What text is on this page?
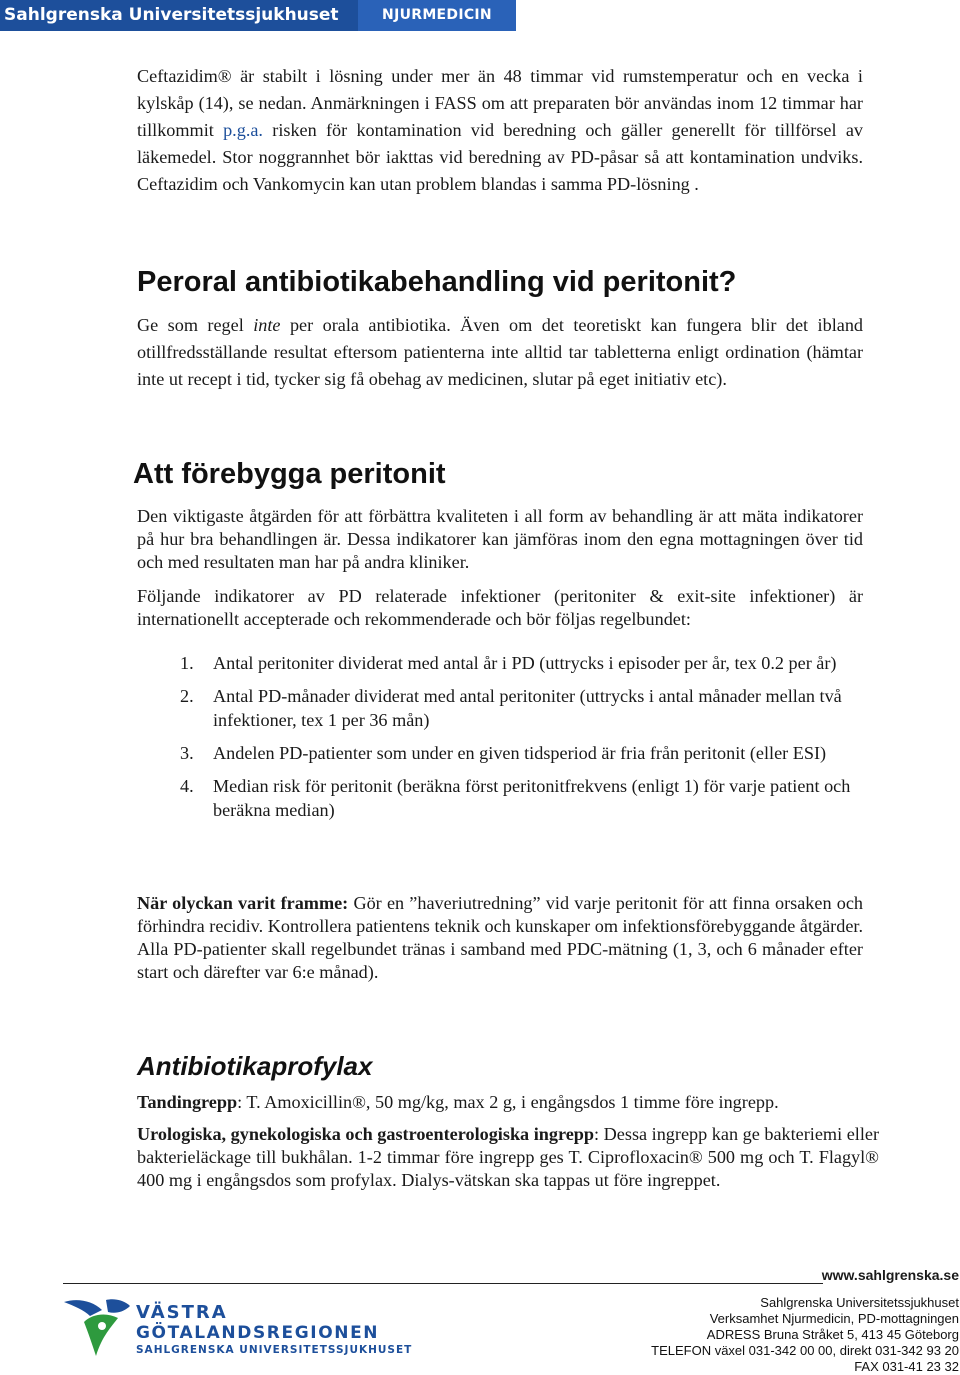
Sahlgrenska Universitetssjukhuset	NJURMEDICIN

Ceftazidim® är stabilt i lösning under mer än 48 timmar vid rumstemperatur och en vecka i kylskåp (14), se nedan. Anmärkningen i FASS om att preparaten bör användas inom 12 timmar har tillkommit p.g.a. risken för kontamination vid beredning och gäller generellt för tillförsel av läkemedel. Stor noggrannhet bör iakttas vid beredning av PD-påsar så att kontamination undviks. Ceftazidim och Vankomycin kan utan problem blandas i samma PD-lösning .

Peroral antibiotikabehandling vid peritonit?

Ge som regel inte per orala antibiotika. Även om det teoretiskt kan fungera blir det ibland otillfredsställande resultat eftersom patienterna inte alltid tar tabletterna enligt ordination (hämtar inte ut recept i tid, tycker sig få obehag av medicinen, slutar på eget initiativ etc).

Att förebygga peritonit

Den viktigaste åtgärden för att förbättra kvaliteten i all form av behandling är att mäta indikatorer på hur bra behandlingen är. Dessa indikatorer kan jämföras inom den egna mottagningen över tid och med resultaten man har på andra kliniker.

Följande indikatorer av PD relaterade infektioner (peritoniter & exit-site infektioner) är internationellt accepterade och rekommenderade och bör följas regelbundet:

1. Antal peritoniter dividerat med antal år i PD (uttrycks i episoder per år, tex 0.2 per år)
2. Antal PD-månader dividerat med antal peritoniter (uttrycks i antal månader mellan två infektioner, tex 1 per 36 mån)
3. Andelen PD-patienter som under en given tidsperiod är fria från peritonit (eller ESI)
4. Median risk för peritonit (beräkna först peritonitfrekvens (enligt 1) för varje patient och beräkna median)

När olyckan varit framme: Gör en ”haveriutredning” vid varje peritonit för att finna orsaken och förhindra recidiv. Kontrollera patientens teknik och kunskaper om infektionsförebyggande åtgärder. Alla PD-patienter skall regelbundet tränas i samband med PDC-mätning (1, 3, och 6 månader efter start och därefter var 6:e månad).

Antibiotikaprofylax

Tandingrepp: T. Amoxicillin®, 50 mg/kg, max 2 g, i engångsdos 1 timme före ingrepp.

Urologiska, gynekologiska och gastroenterologiska ingrepp: Dessa ingrepp kan ge bakteriemi eller bakterieläckage till bukhålan. 1-2 timmar före ingrepp ges T. Ciprofloxacin® 500 mg och T. Flagyl® 400 mg i engångsdos som profylax. Dialys-vätskan ska tappas ut före ingreppet.

www.sahlgrenska.se
VÄSTRA
GÖTALANDSREGIONEN
SAHLGRENSKA UNIVERSITETSSJUKHUSET
Sahlgrenska Universitetssjukhuset
Verksamhet Njurmedicin, PD-mottagningen
ADRESS Bruna Stråket 5, 413 45 Göteborg
TELEFON växel 031-342 00 00, direkt 031-342 93 20
FAX 031-41 23 32
